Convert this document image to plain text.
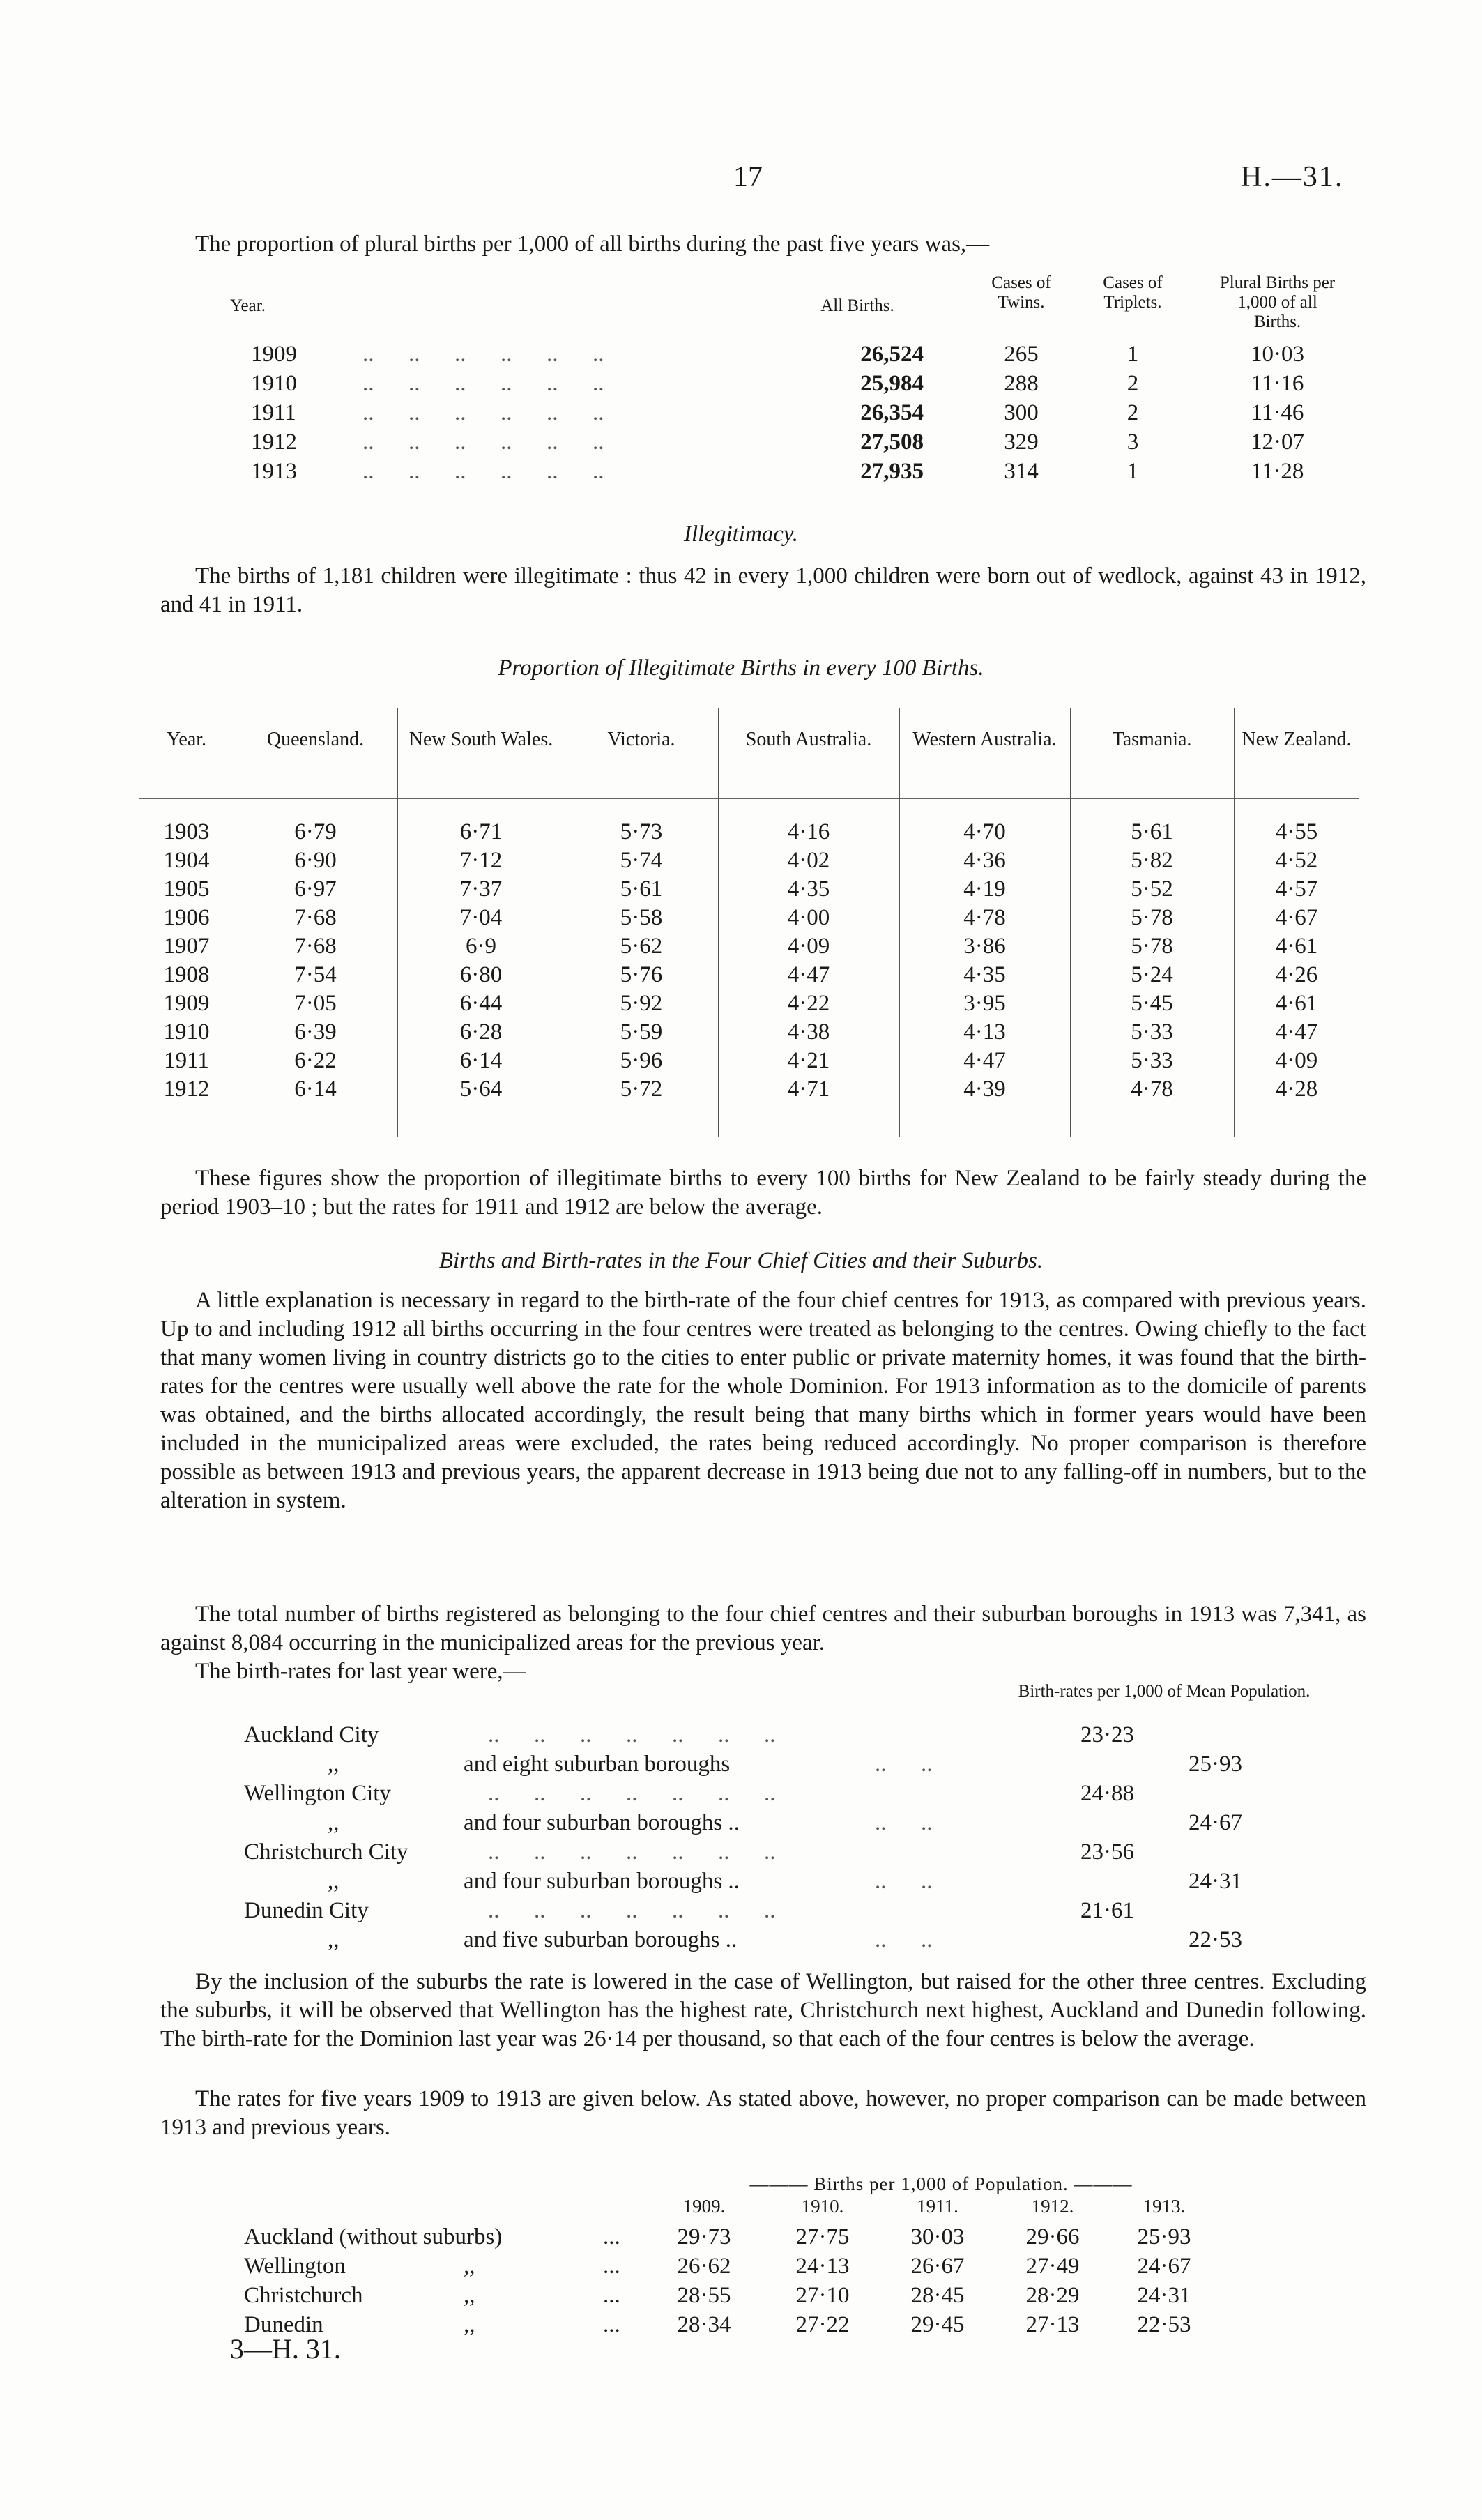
17	H.—31.
The proportion of plural births per 1,000 of all births during the past five years was,—
Year.	All Births.
Cases of Twins.
Cases of Triplets.
Plural Births per 1,000 of all Births.
1909	..      ..      ..      ..      ..      ..	26,524	265	1	10·03
1910	..      ..      ..      ..      ..      ..	25,984	288	2	11·16
1911	..      ..      ..      ..      ..      ..	26,354	300	2	11·46
1912	..      ..      ..      ..      ..      ..	27,508	329	3	12·07
1913	..      ..      ..      ..      ..      ..	27,935	314	1	11·28
Illegitimacy.
The births of 1,181 children were illegitimate : thus 42 in every 1,000 children were born out of wedlock, against 43 in 1912, and 41 in 1911.
Proportion of Illegitimate Births in every 100 Births.
Year.	Queensland.	New South Wales.	Victoria.	South Australia.	Western Australia.	Tasmania.	New Zealand.
1903	6·79	6·71	5·73	4·16	4·70	5·61	4·55
1904	6·90	7·12	5·74	4·02	4·36	5·82	4·52
1905	6·97	7·37	5·61	4·35	4·19	5·52	4·57
1906	7·68	7·04	5·58	4·00	4·78	5·78	4·67
1907	7·68	6·9	5·62	4·09	3·86	5·78	4·61
1908	7·54	6·80	5·76	4·47	4·35	5·24	4·26
1909	7·05	6·44	5·92	4·22	3·95	5·45	4·61
1910	6·39	6·28	5·59	4·38	4·13	5·33	4·47
1911	6·22	6·14	5·96	4·21	4·47	5·33	4·09
1912	6·14	5·64	5·72	4·71	4·39	4·78	4·28
These figures show the proportion of illegitimate births to every 100 births for New Zealand to be fairly steady during the period 1903–10 ; but the rates for 1911 and 1912 are below the average.
Births and Birth-rates in the Four Chief Cities and their Suburbs.
A little explanation is necessary in regard to the birth-rate of the four chief centres for 1913, as compared with previous years. Up to and including 1912 all births occurring in the four centres were treated as belonging to the centres. Owing chiefly to the fact that many women living in country districts go to the cities to enter public or private maternity homes, it was found that the birth-rates for the centres were usually well above the rate for the whole Dominion. For 1913 information as to the domicile of parents was obtained, and the births allocated accordingly, the result being that many births which in former years would have been included in the municipalized areas were excluded, the rates being reduced accordingly. No proper comparison is therefore possible as between 1913 and previous years, the apparent decrease in 1913 being due not to any falling-off in numbers, but to the alteration in system.
The total number of births registered as belonging to the four chief centres and their suburban boroughs in 1913 was 7,341, as against 8,084 occurring in the municipalized areas for the previous year.
The birth-rates for last year were,—
Birth-rates per 1,000 of Mean Population.
Auckland City	..      ..      ..      ..      ..      ..      ..	23·23
,,	and eight suburban boroughs	..      ..	25·93
Wellington City	..      ..      ..      ..      ..      ..      ..	24·88
,,	and four suburban boroughs ..	..      ..	24·67
Christchurch City	..      ..      ..      ..      ..      ..      ..	23·56
,,	and four suburban boroughs ..	..      ..	24·31
Dunedin City	..      ..      ..      ..      ..      ..      ..	21·61
,,	and five suburban boroughs ..	..      ..	22·53
By the inclusion of the suburbs the rate is lowered in the case of Wellington, but raised for the other three centres. Excluding the suburbs, it will be observed that Wellington has the highest rate, Christchurch next highest, Auckland and Dunedin following. The birth-rate for the Dominion last year was 26·14 per thousand, so that each of the four centres is below the average.
The rates for five years 1909 to 1913 are given below. As stated above, however, no proper comparison can be made between 1913 and previous years.
——— Births per 1,000 of Population. ———
1909.	1910.	1911.	1912.	1913.
Auckland (without suburbs)	...	29·73	27·75	30·03	29·66	25·93
Wellington	,,	...	26·62	24·13	26·67	27·49	24·67
Christchurch	,,	...	28·55	27·10	28·45	28·29	24·31
Dunedin	,,	...	28·34	27·22	29·45	27·13	22·53
3—H. 31.
